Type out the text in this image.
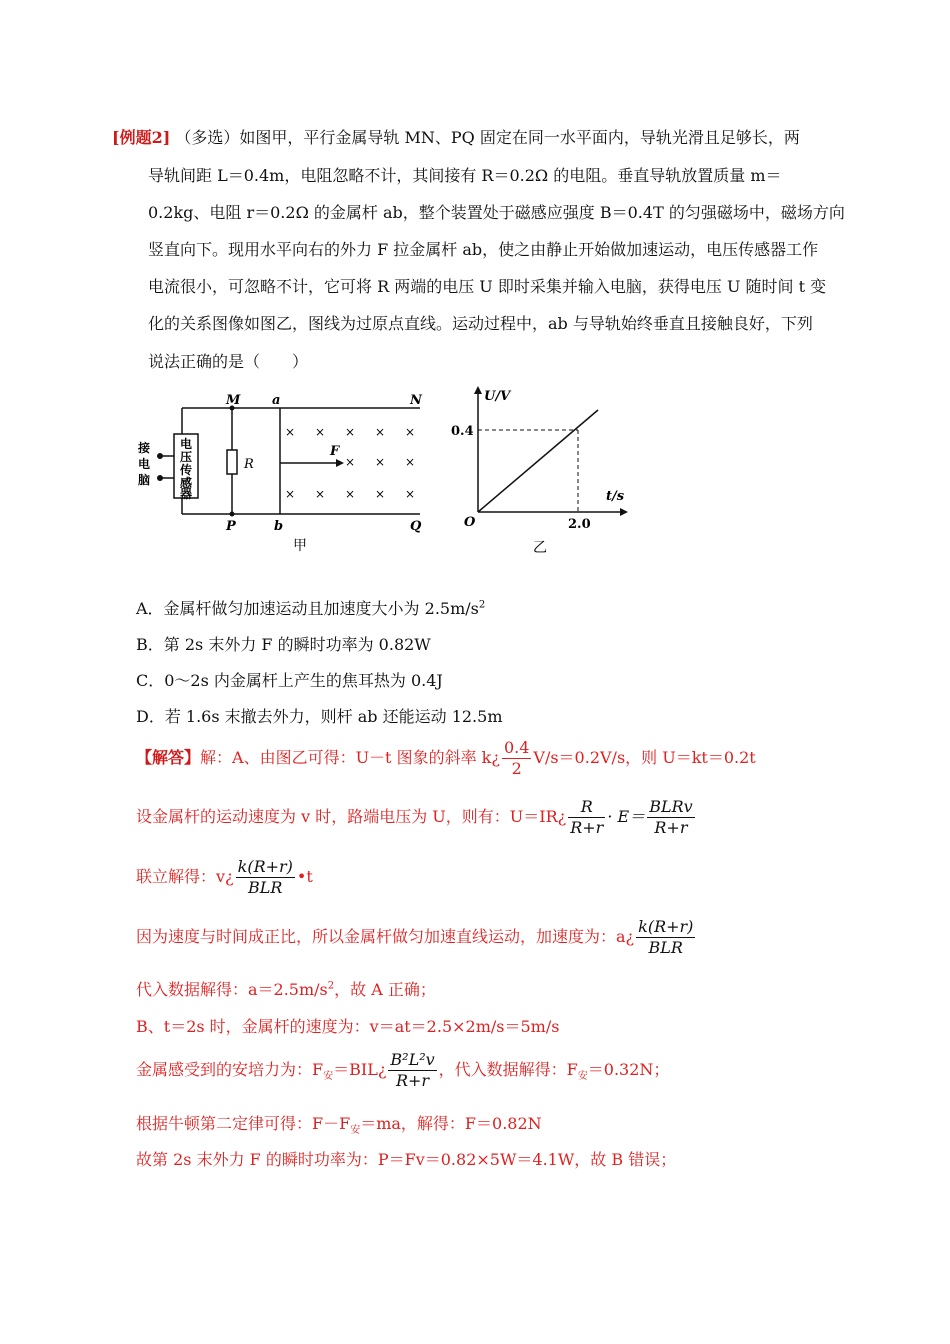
[例题2] （多选）如图甲，平行金属导轨 MN、PQ 固定在同一水平面内，导轨光滑且足够长，两
导轨间距 L＝0.4m，电阻忽略不计，其间接有 R＝0.2Ω 的电阻。垂直导轨放置质量 m＝
0.2kg、电阻 r＝0.2Ω 的金属杆 ab，整个装置处于磁感应强度 B＝0.4T 的匀强磁场中，磁场方向
竖直向下。现用水平向右的外力 F 拉金属杆 ab，使之由静止开始做加速运动，电压传感器工作
电流很小，可忽略不计，它可将 R 两端的电压 U 即时采集并输入电脑，获得电压 U 随时间 t 变
化的关系图像如图乙，图线为过原点直线。运动过程中，ab 与导轨始终垂直且接触良好，下列
说法正确的是（　　）
电
压
传
感
器
接
电
脑
R
M a	N
P	b	Q
F
× × × × ×
× × ×
× × × × ×
甲
U/V
t/s
O
0.4
2.0
乙
A．金属杆做匀加速运动且加速度大小为 $2.5m/s^2$
B．第 2s 末外力 F 的瞬时功率为 0.82W
C．0～2s 内金属杆上产生的焦耳热为 0.4J
D．若 1.6s 末撤去外力，则杆 ab 还能运动 12.5m
【解答】解：A、由图乙可得：U－t 图象的斜率 k¿ $\frac{0.4}{2} V/s=0.2V/s$，则 U＝kt＝0.2t
设金属杆的运动速度为 v 时，路端电压为 U，则有：U＝IR¿ $\frac{R}{R+r} \cdot E= \frac{\text{BLRv}}{R+r}$
联立解得：v¿ $\frac{k(R+r)}{\text{BLR}}$ •t
因为速度与时间成正比，所以金属杆做匀加速直线运动，加速度为：a¿ $\frac{k(R+r)}{\text{BLR}}$
代入数据解得：$a=2.5m/s^2$，故 A 正确；
B、t＝2s 时，金属杆的速度为：v＝at＝2.5×2m/s＝5m/s
金属感受到的安培力为：$F_安=BIL¿ \frac{\text{B²L²v}}{R+r}$ ，代入数据解得：$F_安=0.32N$；
根据牛顿第二定律可得：$F-F_安=ma$，解得：F＝0.82N
故第 2s 末外力 F 的瞬时功率为：P＝Fv＝0.82×5W＝4.1W，故 B 错误；
